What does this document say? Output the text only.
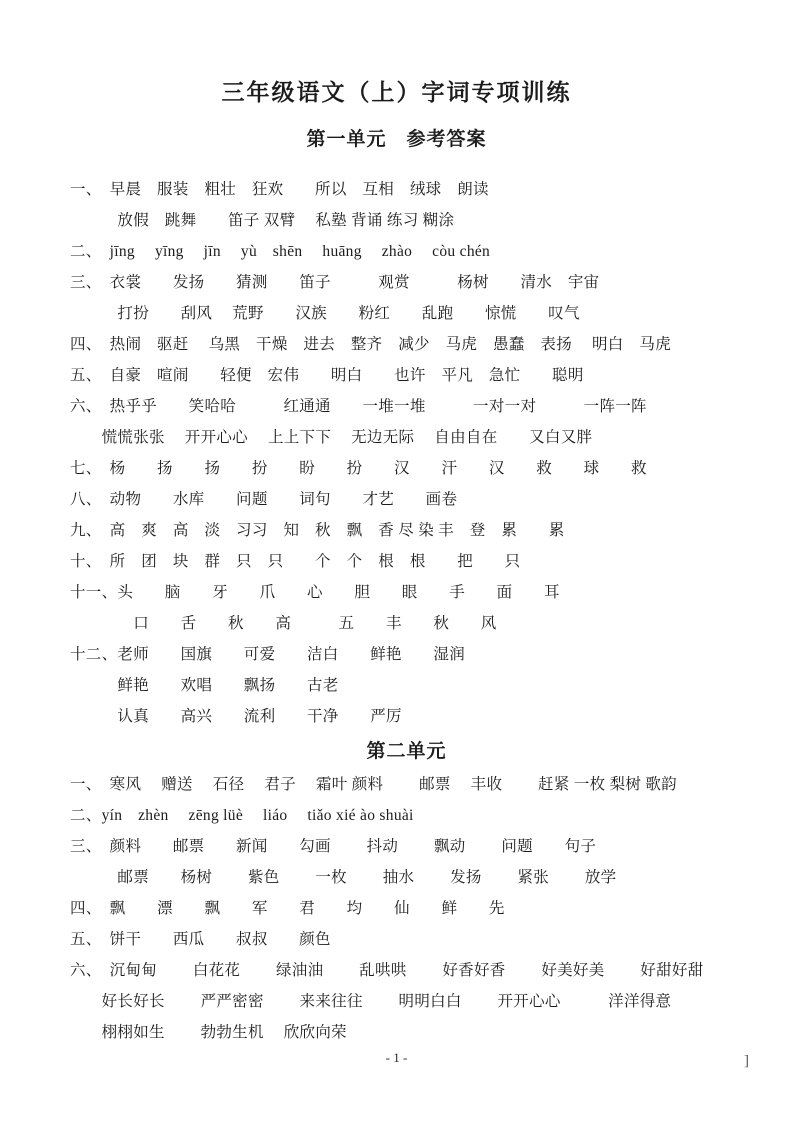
三年级语文（上）字词专项训练
第一单元　参考答案
一、　早晨　服装　粗壮　狂欢　　所以　互相　绒球　朗读
　　　放假　跳舞　　笛子 双臂　 私塾 背诵 练习 糊涂
二、　jīng　 yīng　 jīn　 yù　shēn　 huāng　 zhào　 còu chén
三、　衣裳　　发扬　　猜测　　笛子　　　观赏　　　杨树　　清水　宇宙
　　　打扮　　刮风　 荒野　　汉族　　粉红　　乱跑　　惊慌　　叹气
四、　热闹　驱赶　 乌黑　干燥　进去　整齐　减少　马虎　愚蠢　表扬　 明白　马虎
五、　自豪　喧闹　　轻便　宏伟　　明白　　也许　平凡　急忙　　聪明
六、　热乎乎　　笑哈哈　　　红通通　　一堆一堆　　　一对一对　　　一阵一阵
　　慌慌张张　 开开心心　 上上下下　 无边无际　 自由自在　　又白又胖
七、　杨　　扬　　扬　　扮　　盼　　扮　　汉　　汗　　汉　　救　　球　　救
八、　动物　　水库　　问题　　词句　　才艺　　画卷
九、　高　爽　高　淡　习习　知　秋　飘　香 尽 染 丰　登　累　　累
十、　所　团　块　群　只　只　　个　个　根　根　　把　　只
十一、头　　脑　　牙　　爪　　心　　胆　　眼　　手　　面　　耳
　　　　口　　舌　　秋　　高　　　五　　丰　　秋　　风
十二、老师　　国旗　　可爱　　洁白　　鲜艳　　湿润
　　　鲜艳　　欢唱　　飘扬　　古老
　　　认真　　高兴　　流利　　干净　　严厉
第二单元
一、　寒风　 赠送　 石径　 君子　 霜叶 颜料　　 邮票　 丰收　　 赶紧 一枚 梨树 歌韵
二、yín　zhèn　 zēng lüè　 liáo　 tiǎo xié ào shuài
三、　颜料　　邮票　　新闻　　勾画　　 抖动　　 飘动　　 问题　　句子
　　　邮票　　杨树　　 紫色　　 一枚　　 抽水　　 发扬　　 紧张　　 放学
四、　飘　　漂　　飘　　军　　君　　均　　仙　　鲜　　先
五、　饼干　　西瓜　　叔叔　　颜色
六、　沉甸甸　　 白花花　　 绿油油　　 乱哄哄　　 好香好香　　 好美好美　　 好甜好甜
　　好长好长　　 严严密密　　 来来往往　　 明明白白　　 开开心心　　　洋洋得意
　　栩栩如生　　 勃勃生机　 欣欣向荣
- 1 -	]
